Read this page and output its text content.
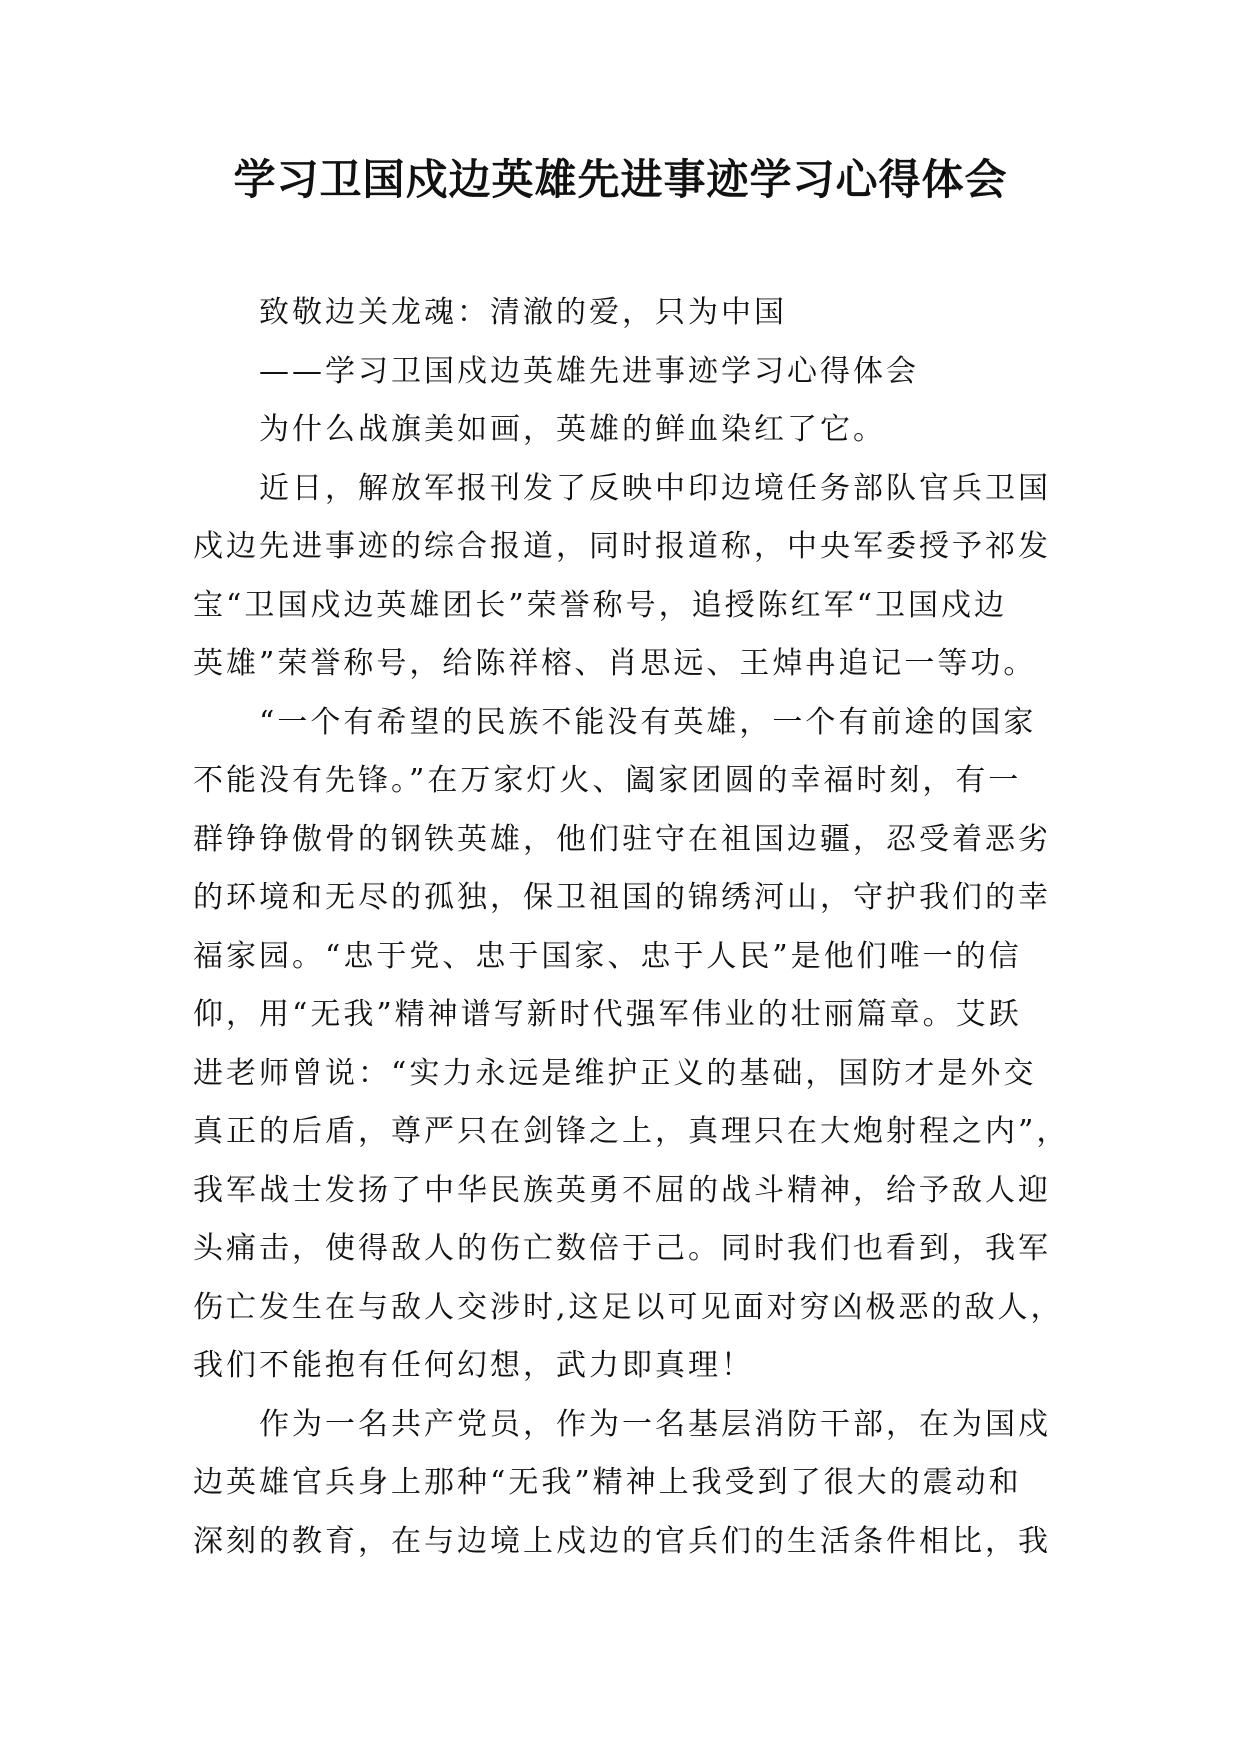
学习卫国戍边英雄先进事迹学习心得体会
致敬边关龙魂：清澈的爱，只为中国
——学习卫国戍边英雄先进事迹学习心得体会
为什么战旗美如画，英雄的鲜血染红了它。
近日，解放军报刊发了反映中印边境任务部队官兵卫国
戍边先进事迹的综合报道，同时报道称，中央军委授予祁发
宝“卫国戍边英雄团长”荣誉称号，追授陈红军“卫国戍边
英雄”荣誉称号，给陈祥榕、肖思远、王焯冉追记一等功。
“一个有希望的民族不能没有英雄，一个有前途的国家
不能没有先锋。”在万家灯火、阖家团圆的幸福时刻，有一
群铮铮傲骨的钢铁英雄，他们驻守在祖国边疆，忍受着恶劣
的环境和无尽的孤独，保卫祖国的锦绣河山，守护我们的幸
福家园。“忠于党、忠于国家、忠于人民”是他们唯一的信
仰，用“无我”精神谱写新时代强军伟业的壮丽篇章。艾跃
进老师曾说：“实力永远是维护正义的基础，国防才是外交
真正的后盾，尊严只在剑锋之上，真理只在大炮射程之内”，
我军战士发扬了中华民族英勇不屈的战斗精神，给予敌人迎
头痛击，使得敌人的伤亡数倍于己。同时我们也看到，我军
伤亡发生在与敌人交涉时,这足以可见面对穷凶极恶的敌人，
我们不能抱有任何幻想，武力即真理！
作为一名共产党员，作为一名基层消防干部，在为国戍
边英雄官兵身上那种“无我”精神上我受到了很大的震动和
深刻的教育，在与边境上戍边的官兵们的生活条件相比，我
